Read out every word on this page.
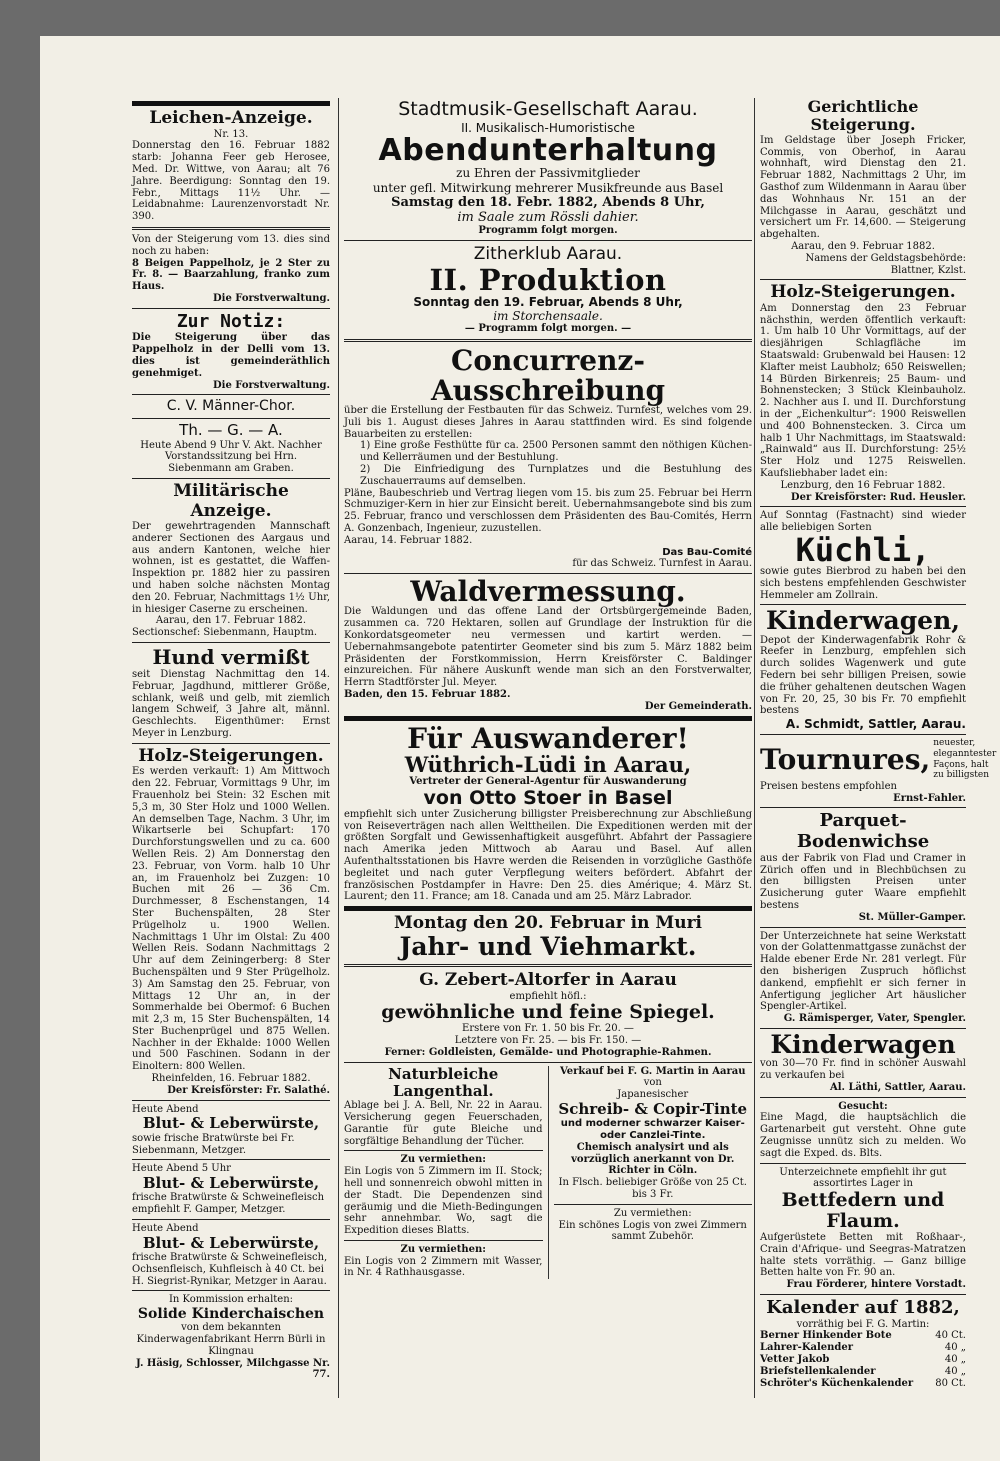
Leichen-Anzeige.
Nr. 13.

Donnerstag den 16. Februar 1882 starb: Johanna Feer geb Herosee, Med. Dr. Wittwe, von Aarau; alt 76 Jahre. Beerdigung: Sonntag den 19. Febr., Mittags 11½ Uhr. — Leidabnahme: Laurenzenvorstadt Nr. 390.

Von der Steigerung vom 13. dies sind noch zu haben:

8 Beigen Pappelholz, je 2 Ster zu Fr. 8. — Baarzahlung, franko zum Haus.

Die Forstverwaltung.

Zur Notiz:

Die Steigerung über das Pappelholz in der Delli vom 13. dies ist gemeinderäthlich genehmiget.

Die Forstverwaltung.

C. V. Männer-Chor.
Th. — G. — A.

Heute Abend 9 Uhr V. Akt. Nachher Vorstandssitzung bei Hrn. Siebenmann am Graben.

Militärische Anzeige.

Der gewehrtragenden Mannschaft anderer Sectionen des Aargaus und aus andern Kantonen, welche hier wohnen, ist es gestattet, die Waffen-Inspektion pr. 1882 hier zu passiren und haben solche nächsten Montag den 20. Februar, Nachmittags 1½ Uhr, in hiesiger Caserne zu erscheinen.

Aarau, den 17. Februar 1882.

Sectionschef: Siebenmann, Hauptm.

Hund vermißt

seit Dienstag Nachmittag den 14. Februar, Jagdhund, mittlerer Größe, schlank, weiß und gelb, mit ziemlich langem Schweif, 3 Jahre alt, männl. Geschlechts. Eigenthümer: Ernst Meyer in Lenzburg.

Holz-Steigerungen.

Es werden verkauft: 1) Am Mittwoch den 22. Februar, Vormittags 9 Uhr, im Frauenholz bei Stein: 32 Eschen mit 5,3 m, 30 Ster Holz und 1000 Wellen. An demselben Tage, Nachm. 3 Uhr, im Wikartserle bei Schupfart: 170 Durchforstungswellen und zu ca. 600 Wellen Reis. 2) Am Donnerstag den 23. Februar, von Vorm. halb 10 Uhr an, im Frauenholz bei Zuzgen: 10 Buchen mit 26 — 36 Cm. Durchmesser, 8 Eschenstangen, 14 Ster Buchenspälten, 28 Ster Prügelholz u. 1900 Wellen. Nachmittags 1 Uhr im Olstal: Zu 400 Wellen Reis. Sodann Nachmittags 2 Uhr auf dem Zeiningerberg: 8 Ster Buchenspälten und 9 Ster Prügelholz. 3) Am Samstag den 25. Februar, von Mittags 12 Uhr an, in der Sommerhalde bei Obermof: 6 Buchen mit 2,3 m, 15 Ster Buchenspälten, 14 Ster Buchenprügel und 875 Wellen. Nachher in der Ekhalde: 1000 Wellen und 500 Faschinen. Sodann in der Einoltern: 800 Wellen.

Rheinfelden, 16. Februar 1882.

Der Kreisförster: Fr. Salathé.

Heute Abend

Blut- & Leberwürste,

sowie frische Bratwürste bei Fr. Siebenmann, Metzger.

Heute Abend 5 Uhr

Blut- & Leberwürste,

frische Bratwürste & Schweinefleisch empfiehlt F. Gamper, Metzger.

Heute Abend

Blut- & Leberwürste,

frische Bratwürste & Schweinefleisch, Ochsenfleisch, Kuhfleisch à 40 Ct. bei H. Siegrist-Rynikar, Metzger in Aarau.

In Kommission erhalten:

Solide Kinderchaischen

von dem bekannten Kinderwagenfabrikant Herrn Bürli in Klingnau

J. Häsig, Schlosser, Milchgasse Nr. 77.

Stadtmusik-Gesellschaft Aarau.
II. Musikalisch-Humoristische
Abendunterhaltung
zu Ehren der Passivmitglieder
unter gefl. Mitwirkung mehrerer Musikfreunde aus Basel
Samstag den 18. Febr. 1882, Abends 8 Uhr,
im Saale zum Rössli dahier.
Programm folgt morgen.
Zitherklub Aarau.
II. Produktion
Sonntag den 19. Februar, Abends 8 Uhr,
im Storchensaale.
— Programm folgt morgen. —
Concurrenz-Ausschreibung

über die Erstellung der Festbauten für das Schweiz. Turnfest, welches vom 29. Juli bis 1. August dieses Jahres in Aarau stattfinden wird. Es sind folgende Bauarbeiten zu erstellen:

1) Eine große Festhütte für ca. 2500 Personen sammt den nöthigen Küchen- und Kellerräumen und der Bestuhlung.

2) Die Einfriedigung des Turnplatzes und die Bestuhlung des Zuschauerraums auf demselben.

Pläne, Baubeschrieb und Vertrag liegen vom 15. bis zum 25. Februar bei Herrn Schmuziger-Kern in hier zur Einsicht bereit. Uebernahmsangebote sind bis zum 25. Februar, franco und verschlossen dem Präsidenten des Bau-Comités, Herrn A. Gonzenbach, Ingenieur, zuzustellen.

Aarau, 14. Februar 1882.

Das Bau-Comité

für das Schweiz. Turnfest in Aarau.

Waldvermessung.

Die Waldungen und das offene Land der Ortsbürgergemeinde Baden, zusammen ca. 720 Hektaren, sollen auf Grundlage der Instruktion für die Konkordatsgeometer neu vermessen und kartirt werden. — Uebernahmsangebote patentirter Geometer sind bis zum 5. März 1882 beim Präsidenten der Forstkommission, Herrn Kreisförster C. Baldinger einzureichen. Für nähere Auskunft wende man sich an den Forstverwalter, Herrn Stadtförster Jul. Meyer.

Baden, den 15. Februar 1882.

Der Gemeinderath.

Für Auswanderer!
Wüthrich-Lüdi in Aarau,
Vertreter der General-Agentur für Auswanderung
von Otto Stoer in Basel

empfiehlt sich unter Zusicherung billigster Preisberechnung zur Abschließung von Reiseverträgen nach allen Welttheilen. Die Expeditionen werden mit der größten Sorgfalt und Gewissenhaftigkeit ausgeführt. Abfahrt der Passagiere nach Amerika jeden Mittwoch ab Aarau und Basel. Auf allen Aufenthaltsstationen bis Havre werden die Reisenden in vorzügliche Gasthöfe begleitet und nach guter Verpflegung weiters befördert. Abfahrt der französischen Postdampfer in Havre: Den 25. dies Amérique; 4. März St. Laurent; den 11. France; am 18. Canada und am 25. März Labrador.

Montag den 20. Februar in Muri
Jahr- und Viehmarkt.
G. Zebert-Altorfer in Aarau
empfiehlt höfl.:
gewöhnliche und feine Spiegel.
Erstere von Fr. 1. 50 bis Fr. 20. —
Letztere von Fr. 25. — bis Fr. 150. —
Ferner: Goldleisten, Gemälde- und Photographie-Rahmen.
Naturbleiche Langenthal.

Ablage bei J. A. Bell, Nr. 22 in Aarau. Versicherung gegen Feuerschaden, Garantie für gute Bleiche und sorgfältige Behandlung der Tücher.

Zu vermiethen:

Ein Logis von 5 Zimmern im II. Stock; hell und sonnenreich obwohl mitten in der Stadt. Die Dependenzen sind geräumig und die Mieth-Bedingungen sehr annehmbar. Wo, sagt die Expedition dieses Blatts.

Zu vermiethen:

Ein Logis von 2 Zimmern mit Wasser, in Nr. 4 Rathhausgasse.

Verkauf bei F. G. Martin in Aarau
von
Japanesischer
Schreib- & Copir-Tinte
und moderner schwarzer Kaiser- oder Canzlei-Tinte.
Chemisch analysirt und als vorzüglich anerkannt von Dr. Richter in Cöln.
In Flsch. beliebiger Größe von 25 Ct. bis 3 Fr.
Zu vermiethen:

Ein schönes Logis von zwei Zimmern sammt Zubehör.

Gerichtliche Steigerung.

Im Geldstage über Joseph Fricker, Commis, von Oberhof, in Aarau wohnhaft, wird Dienstag den 21. Februar 1882, Nachmittags 2 Uhr, im Gasthof zum Wildenmann in Aarau über das Wohnhaus Nr. 151 an der Milchgasse in Aarau, geschätzt und versichert um Fr. 14,600. — Steigerung abgehalten.

Aarau, den 9. Februar 1882.

Namens der Geldstagsbehörde: Blattner, Kzlst.

Holz-Steigerungen.

Am Donnerstag den 23 Februar nächsthin, werden öffentlich verkauft: 1. Um halb 10 Uhr Vormittags, auf der diesjährigen Schlagfläche im Staatswald: Grubenwald bei Hausen: 12 Klafter meist Laubholz; 650 Reiswellen; 14 Bürden Birkenreis; 25 Baum- und Bohnenstecken; 3 Stück Kleinbauholz. 2. Nachher aus I. und II. Durchforstung in der „Eichenkultur“: 1900 Reiswellen und 400 Bohnenstecken. 3. Circa um halb 1 Uhr Nachmittags, im Staatswald: „Rainwald“ aus II. Durchforstung: 25½ Ster Holz und 1275 Reiswellen. Kaufsliebhaber ladet ein:

Lenzburg, den 16 Februar 1882.

Der Kreisförster: Rud. Heusler.

Auf Sonntag (Fastnacht) sind wieder alle beliebigen Sorten

Küchli,

sowie gutes Bierbrod zu haben bei den sich bestens empfehlenden Geschwister Hemmeler am Zollrain.

Kinderwagen,

Depot der Kinderwagenfabrik Rohr & Reefer in Lenzburg, empfehlen sich durch solides Wagenwerk und gute Federn bei sehr billigen Preisen, sowie die früher gehaltenen deutschen Wagen von Fr. 20, 25, 30 bis Fr. 70 empfiehlt bestens

A. Schmidt, Sattler, Aarau.

Tournures, neuester, eleganntester Façons, halt zu billigsten

Preisen bestens empfohlen

Ernst-Fahler.

Parquet-Bodenwichse

aus der Fabrik von Flad und Cramer in Zürich offen und in Blechbüchsen zu den billigsten Preisen unter Zusicherung guter Waare empfiehlt bestens

St. Müller-Gamper.

Der Unterzeichnete hat seine Werkstatt von der Golattenmattgasse zunächst der Halde ebener Erde Nr. 281 verlegt. Für den bisherigen Zuspruch höflichst dankend, empfiehlt er sich ferner in Anfertigung jeglicher Art häuslicher Spengler-Artikel.

G. Rämisperger, Vater, Spengler.

Kinderwagen

von 30—70 Fr. find in schöner Auswahl zu verkaufen bei

Al. Läthi, Sattler, Aarau.

Gesucht:

Eine Magd, die hauptsächlich die Gartenarbeit gut versteht. Ohne gute Zeugnisse unnütz sich zu melden. Wo sagt die Exped. ds. Blts.

Unterzeichnete empfiehlt ihr gut assortirtes Lager in

Bettfedern und Flaum.

Aufgerüstete Betten mit Roßhaar-, Crain d'Afrique- und Seegras-Matratzen halte stets vorräthig. — Ganz billige Betten halte von Fr. 90 an.

Frau Förderer, hintere Vorstadt.

Kalender auf 1882,

vorräthig bei F. G. Martin:

Berner Hinkender Bote	40 Ct.
Lahrer-Kalender	40 „
Vetter Jakob	40 „
Briefstellenkalender	40 „
Schröter's Küchenkalender 80 Ct.
